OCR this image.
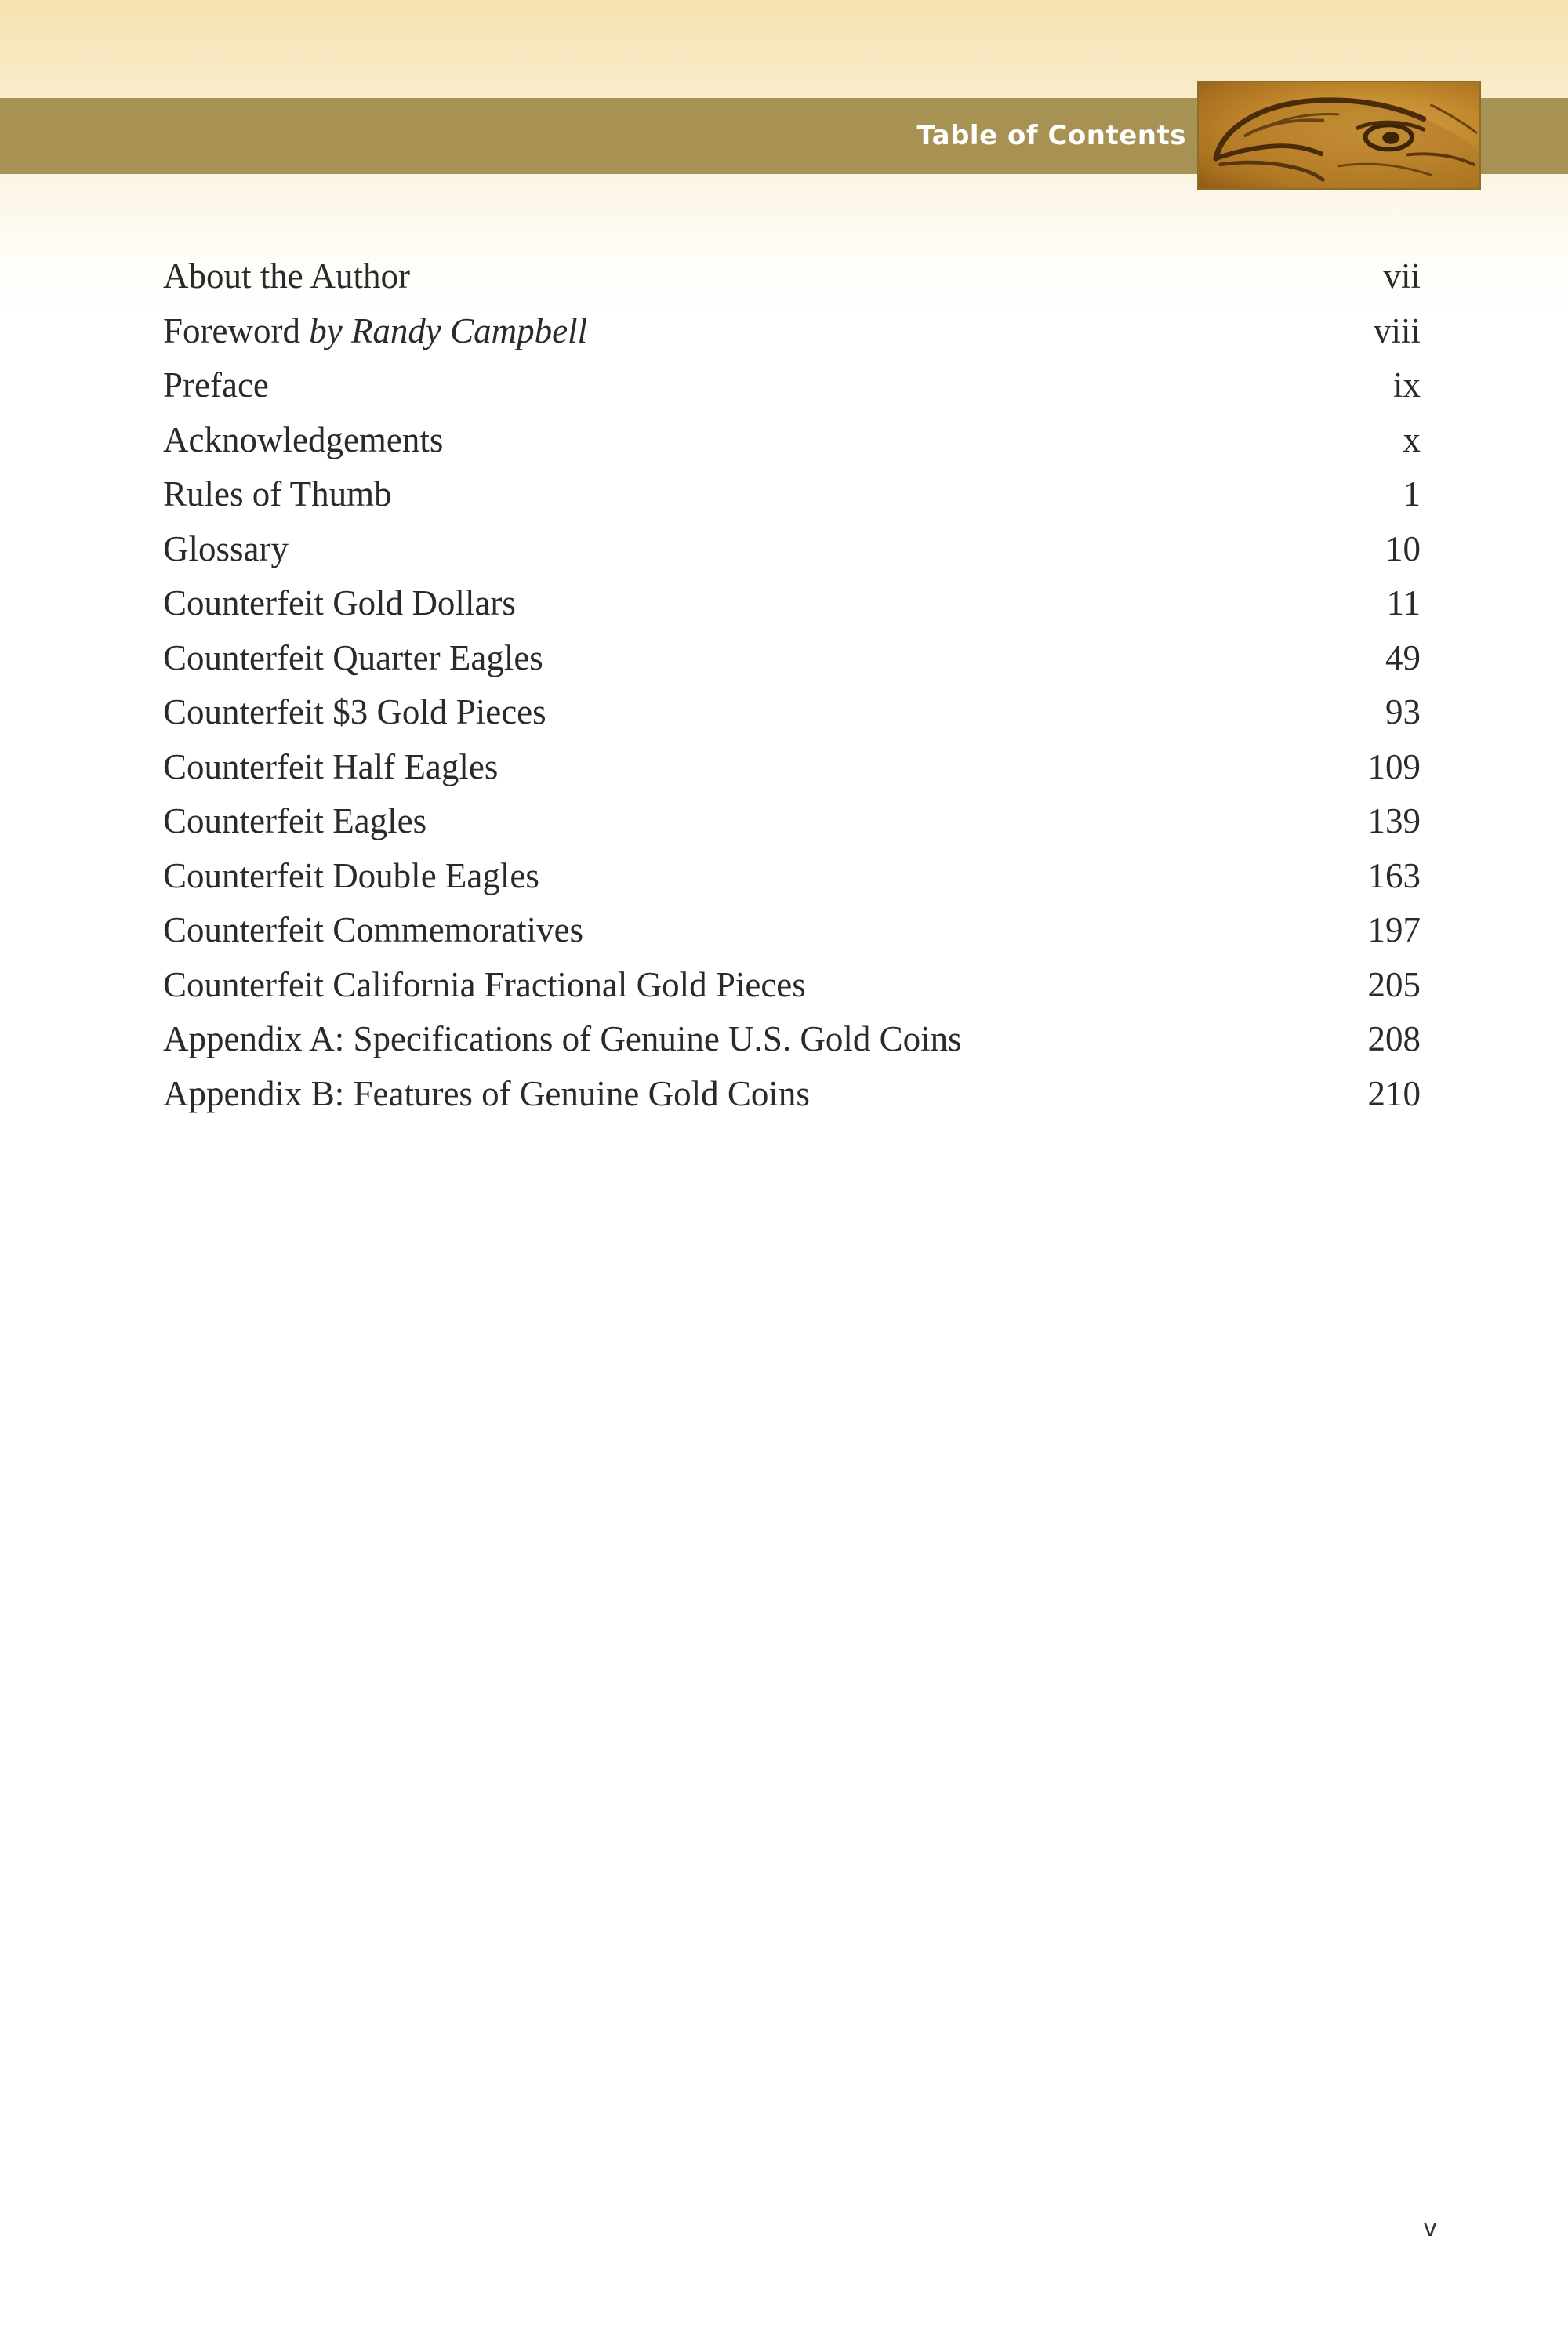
Table of Contents
About the Author	vii
Foreword by Randy Campbell	viii
Preface	ix
Acknowledgements	x
Rules of Thumb	1
Glossary	10
Counterfeit Gold Dollars	11
Counterfeit Quarter Eagles	49
Counterfeit $3 Gold Pieces	93
Counterfeit Half Eagles	109
Counterfeit Eagles	139
Counterfeit Double Eagles	163
Counterfeit Commemoratives	197
Counterfeit California Fractional Gold Pieces	205
Appendix A: Specifications of Genuine U.S. Gold Coins	208
Appendix B: Features of Genuine Gold Coins	210
v
